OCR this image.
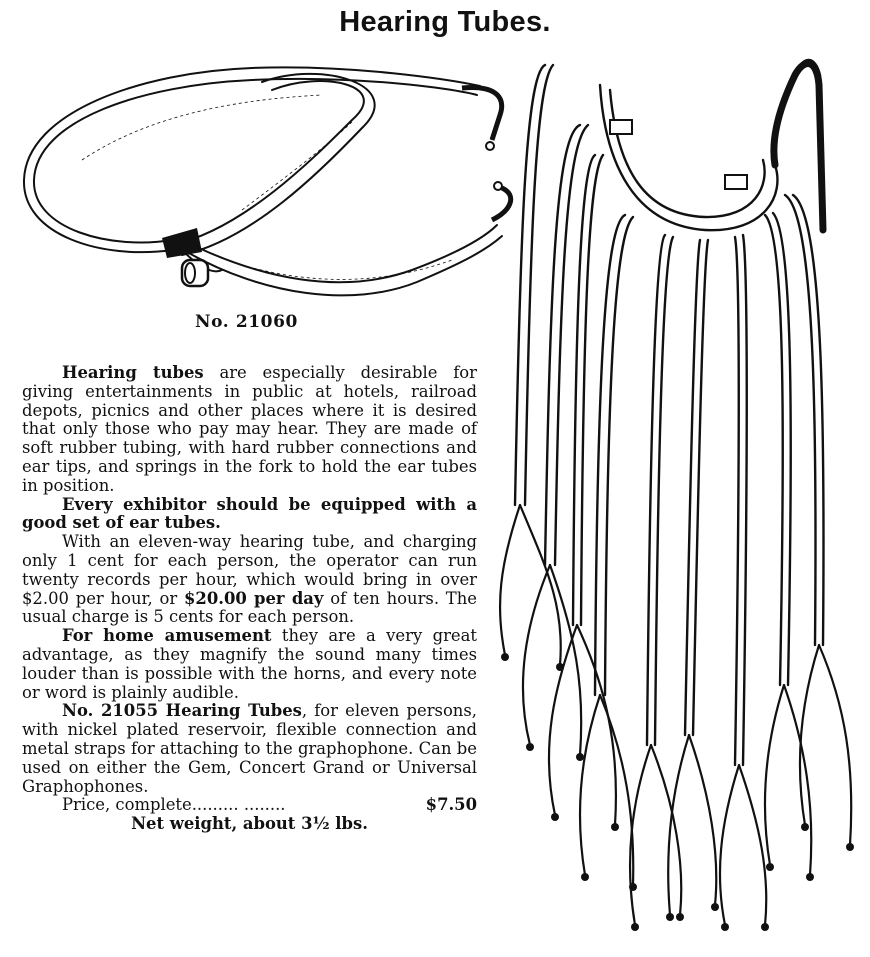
Hearing Tubes.
No. 21060

Hearing tubes are especially desirable for giving entertainments in public at hotels, railroad depots, picnics and other places where it is desired that only those who pay may hear. They are made of soft rubber tubing, with hard rubber connections and ear tips, and springs in the fork to hold the ear tubes in position.

Every exhibitor should be equipped with a good set of ear tubes.

With an eleven-way hearing tube, and charging only 1 cent for each person, the operator can run twenty records per hour, which would bring in over $2.00 per hour, or $20.00 per day of ten hours. The usual charge is 5 cents for each person.

For home amusement they are a very great advantage, as they magnify the sound many times louder than is possible with the horns, and every note or word is plainly audible.

No. 21055 Hearing Tubes, for eleven persons, with nickel plated reservoir, flexible connection and metal straps for attaching to the graphophone. Can be used on either the Gem, Concert Grand or Universal Graphophones.

Price, complete......... ........	$7.50

Net weight, about 3½ lbs.
